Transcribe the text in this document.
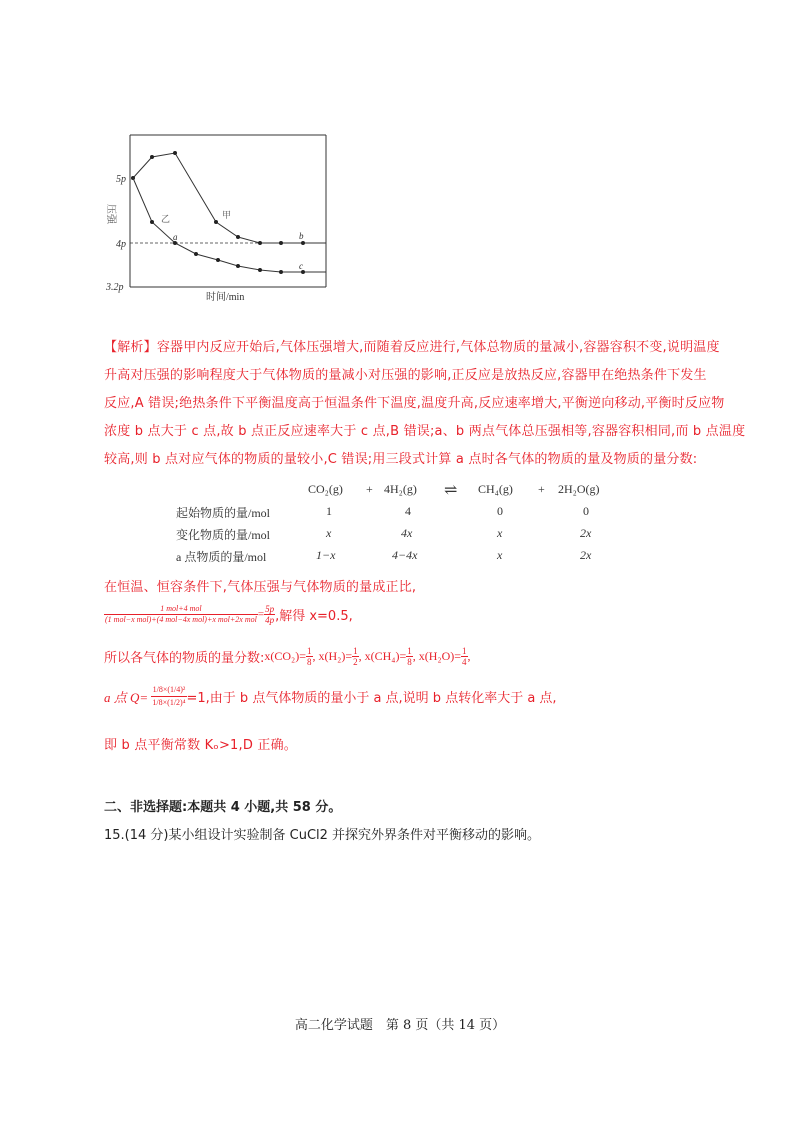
5p
4p
3.2p
压强
时间/min
甲
乙
a	b
c
【解析】容器甲内反应开始后,气体压强增大,而随着反应进行,气体总物质的量减小,容器容积不变,说明温度
升高对压强的影响程度大于气体物质的量减小对压强的影响,正反应是放热反应,容器甲在绝热条件下发生
反应,A 错误;绝热条件下平衡温度高于恒温条件下温度,温度升高,反应速率增大,平衡逆向移动,平衡时反应物
浓度 b 点大于 c 点,故 b 点正反应速率大于 c 点,B 错误;a、b 两点气体总压强相等,容器容积相同,而 b 点温度
较高,则 b 点对应气体的物质的量较小,C 错误;用三段式计算 a 点时各气体的物质的量及物质的量分数:
CO₂(g) + 4H₂(g) ⇌ CH₄(g) + 2H₂O(g)
起始物质的量/mol	1	4	0	0
变化物质的量/mol	x	4x	x	2x
a 点物质的量/mol	1−x	4−4x	x	2x
在恒温、恒容条件下,气体压强与气体物质的量成正比,
$\frac{\text{1 mol+4 mol}}{\text{(1 mol−x mol)+(4 mol−4x mol)+x mol+2x mol}} = \frac{5p}{4p}$ ,解得 x=0.5,
所以各气体的物质的量分数:x(CO₂)= $\frac{1}{8}$ , $x(H_2)= \frac{1}{2}$ , $x(CH_4)= \frac{1}{8}$ , $x(H_2O)= \frac{1}{4}$ ,
a 点 $Q= \frac{\text{1/8×(1/4)²}}{\text{1/8×(1/2)⁴}} =1$,由于 b 点气体物质的量小于 a 点,说明 b 点转化率大于 a 点,
即 b 点平衡常数 Kₒ>1,D 正确。
二、非选择题:本题共 4 小题,共 58 分。
15.(14 分)某小组设计实验制备 CuCl2 并探究外界条件对平衡移动的影响。
高二化学试题　第 8 页（共 14 页）
